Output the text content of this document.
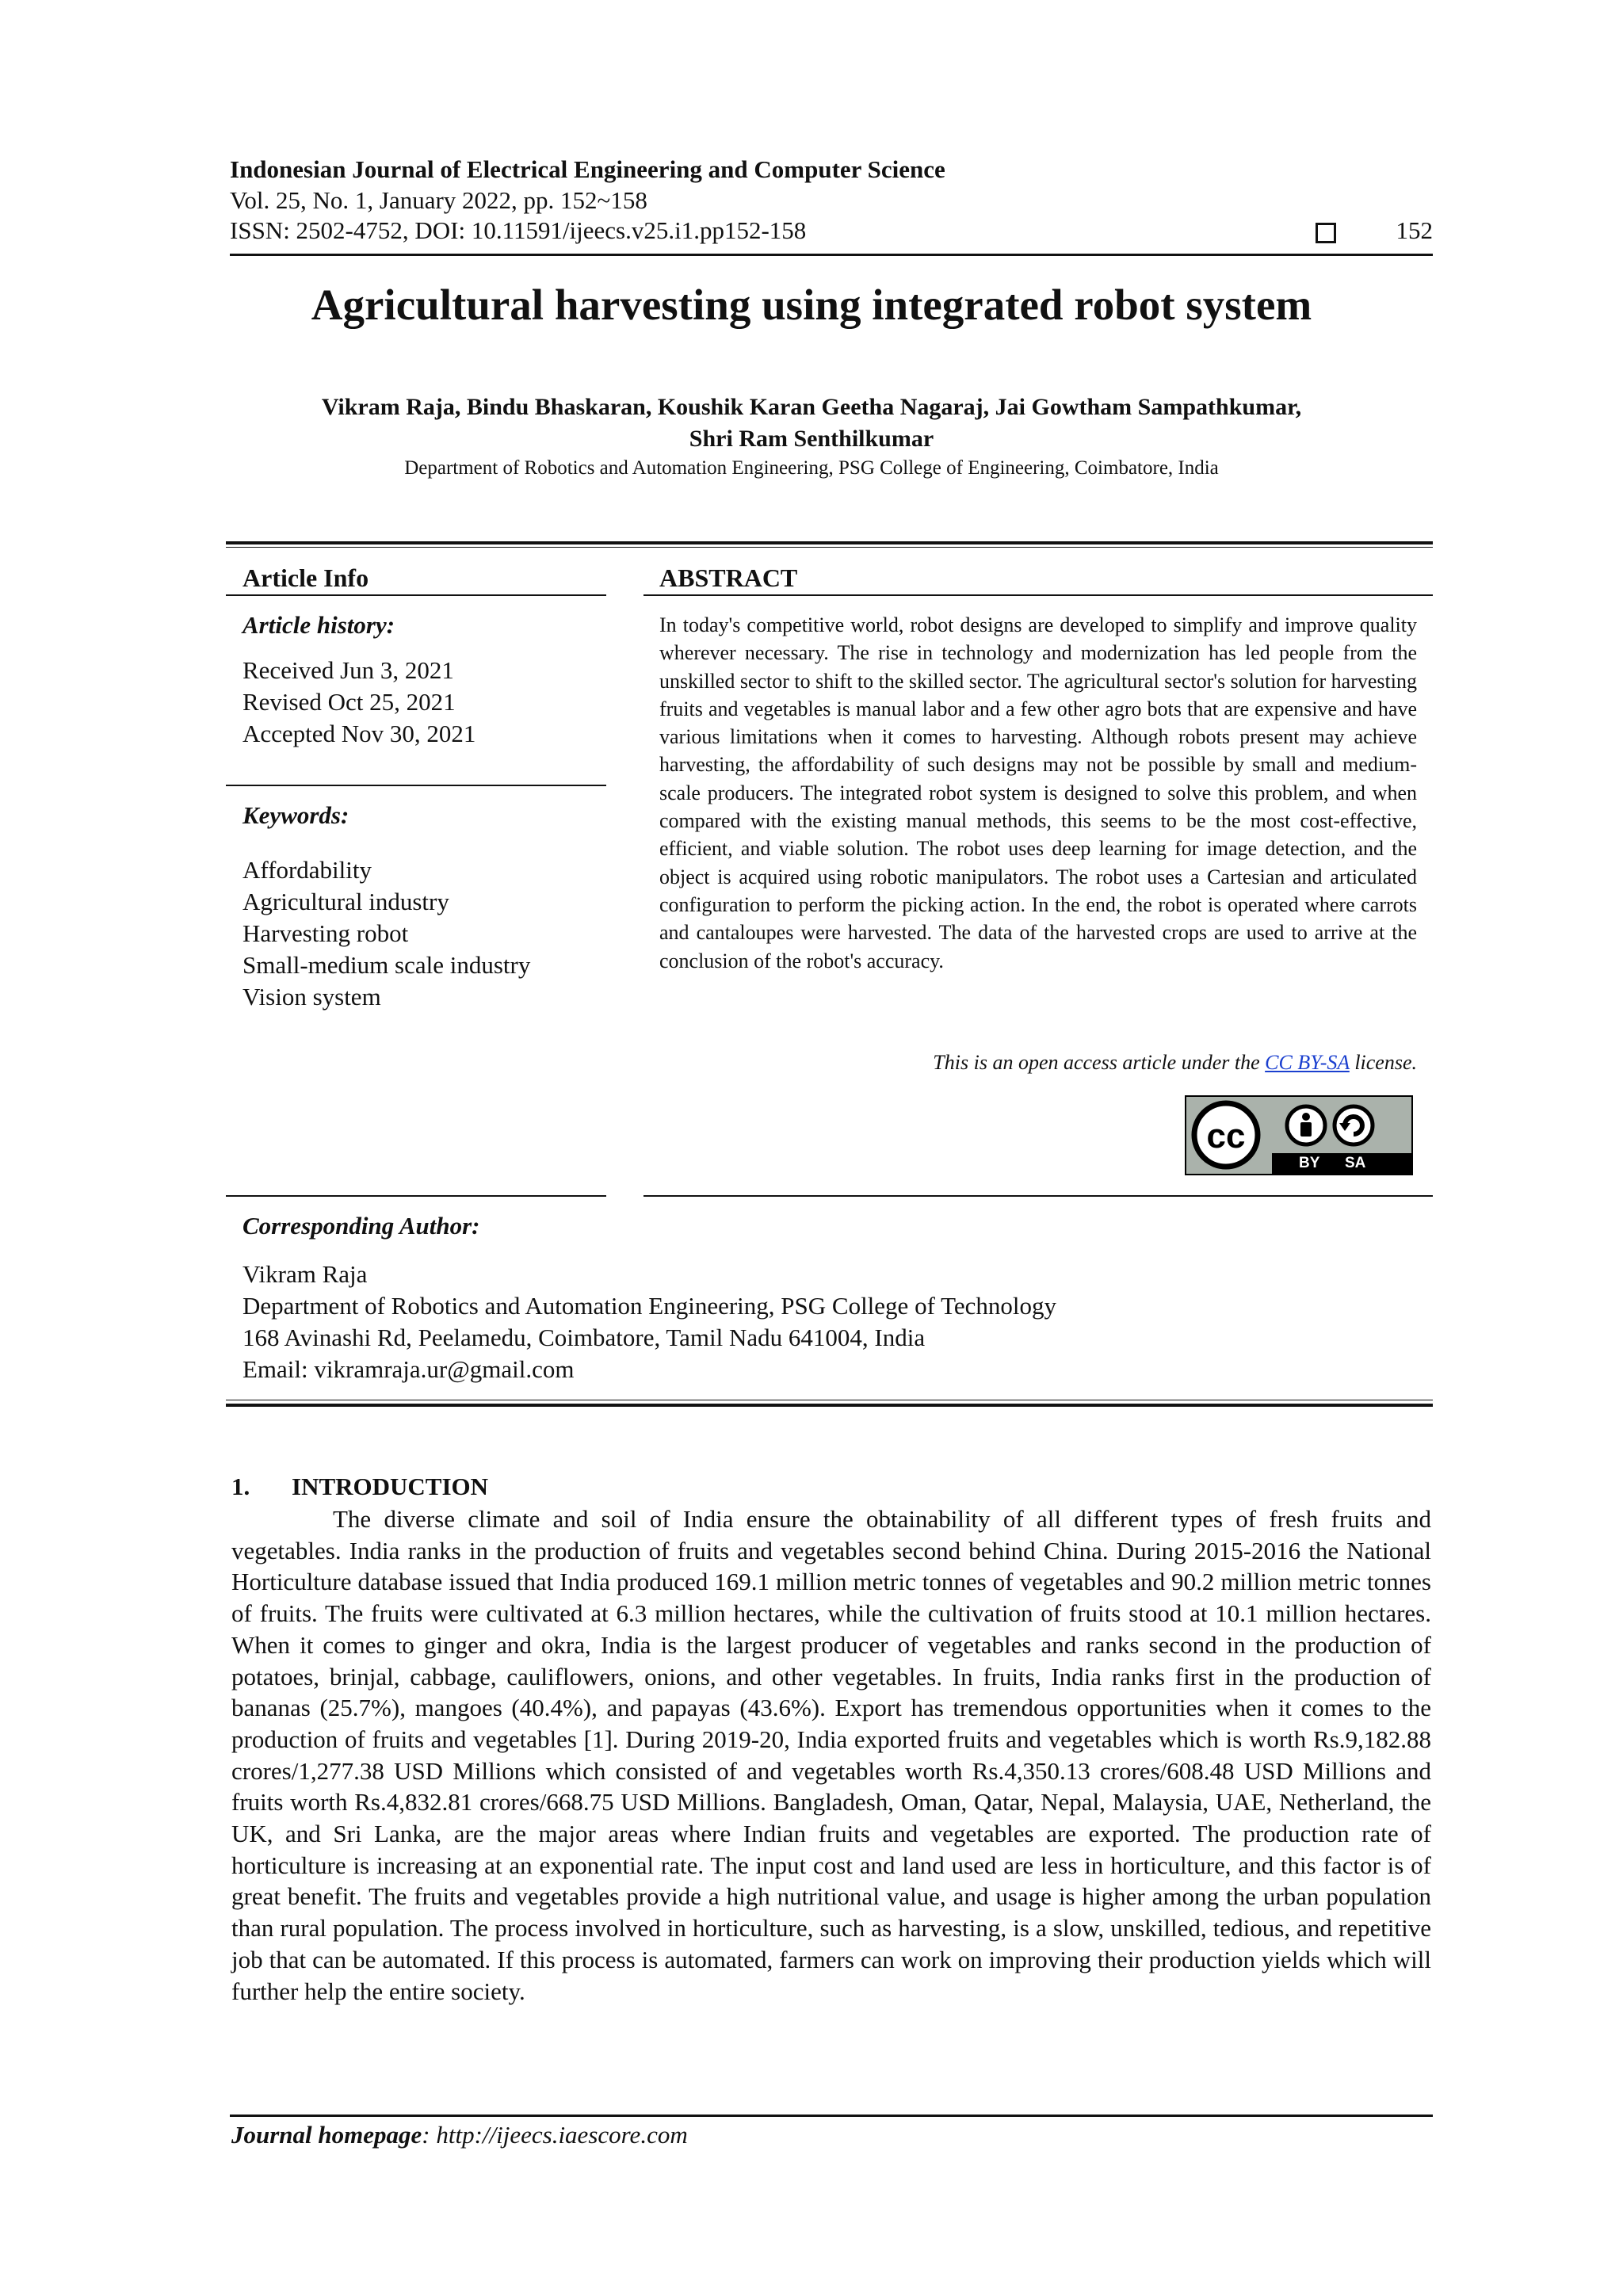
Indonesian Journal of Electrical Engineering and Computer Science
Vol. 25, No. 1, January 2022, pp. 152~158
ISSN: 2502-4752, DOI: 10.11591/ijeecs.v25.i1.pp152-158	152
Agricultural harvesting using integrated robot system
Vikram Raja, Bindu Bhaskaran, Koushik Karan Geetha Nagaraj, Jai Gowtham Sampathkumar,
Shri Ram Senthilkumar
Department of Robotics and Automation Engineering, PSG College of Engineering, Coimbatore, India
Article Info
Article history:
Received Jun 3, 2021
Revised Oct 25, 2021
Accepted Nov 30, 2021
Keywords:
Affordability
Agricultural industry
Harvesting robot
Small-medium scale industry
Vision system
ABSTRACT

In today's competitive world, robot designs are developed to simplify and improve quality wherever necessary. The rise in technology and modernization has led people from the unskilled sector to shift to the skilled sector. The agricultural sector's solution for harvesting fruits and vegetables is manual labor and a few other agro bots that are expensive and have various limitations when it comes to harvesting. Although robots present may achieve harvesting, the affordability of such designs may not be possible by small and medium-scale producers. The integrated robot system is designed to solve this problem, and when compared with the existing manual methods, this seems to be the most cost-effective, efficient, and viable solution. The robot uses deep learning for image detection, and the object is acquired using robotic manipulators. The robot uses a Cartesian and articulated configuration to perform the picking action. In the end, the robot is operated where carrots and cantaloupes were harvested. The data of the harvested crops are used to arrive at the conclusion of the robot's accuracy.

This is an open access article under the CC BY-SA license.
cc
BY SA
Corresponding Author:
Vikram Raja
Department of Robotics and Automation Engineering, PSG College of Technology
168 Avinashi Rd, Peelamedu, Coimbatore, Tamil Nadu 641004, India
Email: vikramraja.ur@gmail.com
1. INTRODUCTION

The diverse climate and soil of India ensure the obtainability of all different types of fresh fruits and vegetables. India ranks in the production of fruits and vegetables second behind China. During 2015-2016 the National Horticulture database issued that India produced 169.1 million metric tonnes of vegetables and 90.2 million metric tonnes of fruits. The fruits were cultivated at 6.3 million hectares, while the cultivation of fruits stood at 10.1 million hectares. When it comes to ginger and okra, India is the largest producer of vegetables and ranks second in the production of potatoes, brinjal, cabbage, cauliflowers, onions, and other vegetables. In fruits, India ranks first in the production of bananas (25.7%), mangoes (40.4%), and papayas (43.6%). Export has tremendous opportunities when it comes to the production of fruits and vegetables [1]. During 2019-20, India exported fruits and vegetables which is worth Rs.9,182.88 crores/1,277.38 USD Millions which consisted of and vegetables worth Rs.4,350.13 crores/608.48 USD Millions and fruits worth Rs.4,832.81 crores/668.75 USD Millions. Bangladesh, Oman, Qatar, Nepal, Malaysia, UAE, Netherland, the UK, and Sri Lanka, are the major areas where Indian fruits and vegetables are exported. The production rate of horticulture is increasing at an exponential rate. The input cost and land used are less in horticulture, and this factor is of great benefit. The fruits and vegetables provide a high nutritional value, and usage is higher among the urban population than rural population. The process involved in horticulture, such as harvesting, is a slow, unskilled, tedious, and repetitive job that can be automated. If this process is automated, farmers can work on improving their production yields which will further help the entire society.

Journal homepage: http://ijeecs.iaescore.com
